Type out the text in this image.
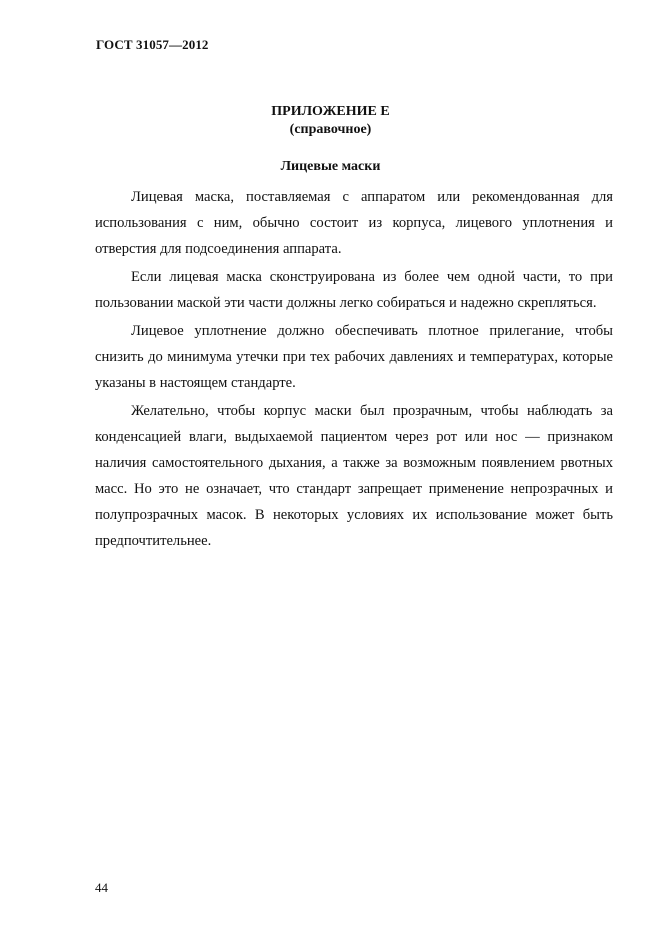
ГОСТ 31057—2012
ПРИЛОЖЕНИЕ Е
(справочное)
Лицевые маски

Лицевая маска, поставляемая с аппаратом или рекомендованная для использования с ним, обычно состоит из корпуса, лицевого уплотнения и отверстия для подсоединения аппарата.

Если лицевая маска сконструирована из более чем одной части, то при пользовании маской эти части должны легко собираться и надежно скрепляться.

Лицевое уплотнение должно обеспечивать плотное прилегание, чтобы снизить до минимума утечки при тех рабочих давлениях и температурах, которые указаны в настоящем стандарте.

Желательно, чтобы корпус маски был прозрачным, чтобы наблюдать за конденсацией влаги, выдыхаемой пациентом через рот или нос — признаком наличия самостоятельного дыхания, а также за возможным появлением рвотных масс. Но это не означает, что стандарт запрещает применение непрозрачных и полупрозрачных масок. В некоторых условиях их использование может быть предпочтительнее.

44
